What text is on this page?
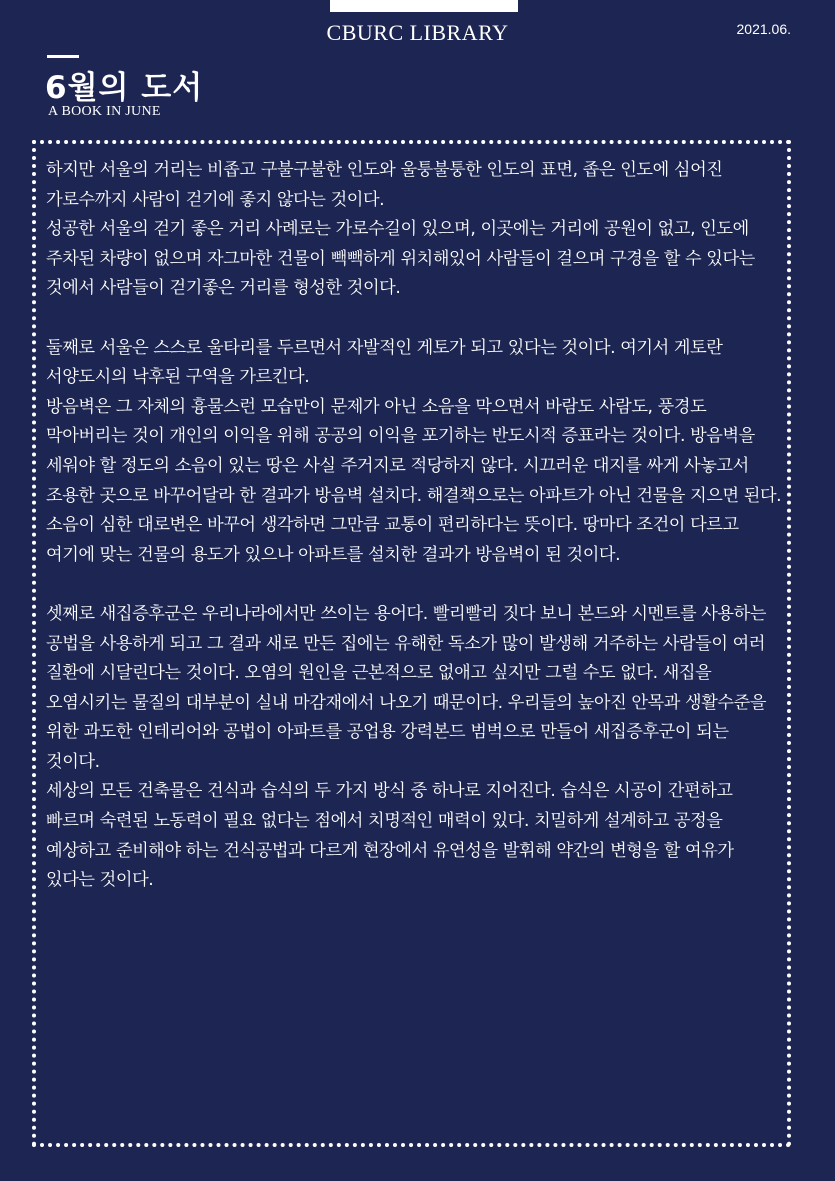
CBURC LIBRARY	2021.06.
6월의 도서
A BOOK IN JUNE

하지만 서울의 거리는 비좁고 구불구불한 인도와 울퉁불퉁한 인도의 표면, 좁은 인도에 심어진 가로수까지 사람이 걷기에 좋지 않다는 것이다.

성공한 서울의 걷기 좋은 거리 사례로는 가로수길이 있으며, 이곳에는 거리에 공원이 없고, 인도에 주차된 차량이 없으며 자그마한 건물이 빽빽하게 위치해있어 사람들이 걸으며 구경을 할 수 있다는 것에서 사람들이 걷기좋은 거리를 형성한 것이다.

둘째로 서울은 스스로 울타리를 두르면서 자발적인 게토가 되고 있다는 것이다. 여기서 게토란 서양도시의 낙후된 구역을 가르킨다.

방음벽은 그 자체의 흉물스런 모습만이 문제가 아닌 소음을 막으면서 바람도 사람도, 풍경도 막아버리는 것이 개인의 이익을 위해 공공의 이익을 포기하는 반도시적 증표라는 것이다. 방음벽을 세워야 할 정도의 소음이 있는 땅은 사실 주거지로 적당하지 않다. 시끄러운 대지를 싸게 사놓고서 조용한 곳으로 바꾸어달라 한 결과가 방음벽 설치다. 해결책으로는 아파트가 아닌 건물을 지으면 된다. 소음이 심한 대로변은 바꾸어 생각하면 그만큼 교통이 편리하다는 뜻이다. 땅마다 조건이 다르고 여기에 맞는 건물의 용도가 있으나 아파트를 설치한 결과가 방음벽이 된 것이다.

셋째로 새집증후군은 우리나라에서만 쓰이는 용어다. 빨리빨리 짓다 보니 본드와 시멘트를 사용하는 공법을 사용하게 되고 그 결과 새로 만든 집에는 유해한 독소가 많이 발생해 거주하는 사람들이 여러 질환에 시달린다는 것이다. 오염의 원인을 근본적으로 없애고 싶지만 그럴 수도 없다. 새집을 오염시키는 물질의 대부분이 실내 마감재에서 나오기 때문이다. 우리들의 높아진 안목과 생활수준을 위한 과도한 인테리어와 공법이 아파트를 공업용 강력본드 범벅으로 만들어 새집증후군이 되는 것이다.

세상의 모든 건축물은 건식과 습식의 두 가지 방식 중 하나로 지어진다. 습식은 시공이 간편하고 빠르며 숙련된 노동력이 필요 없다는 점에서 치명적인 매력이 있다. 치밀하게 설계하고 공정을 예상하고 준비해야 하는 건식공법과 다르게 현장에서 유연성을 발휘해 약간의 변형을 할 여유가 있다는 것이다.
